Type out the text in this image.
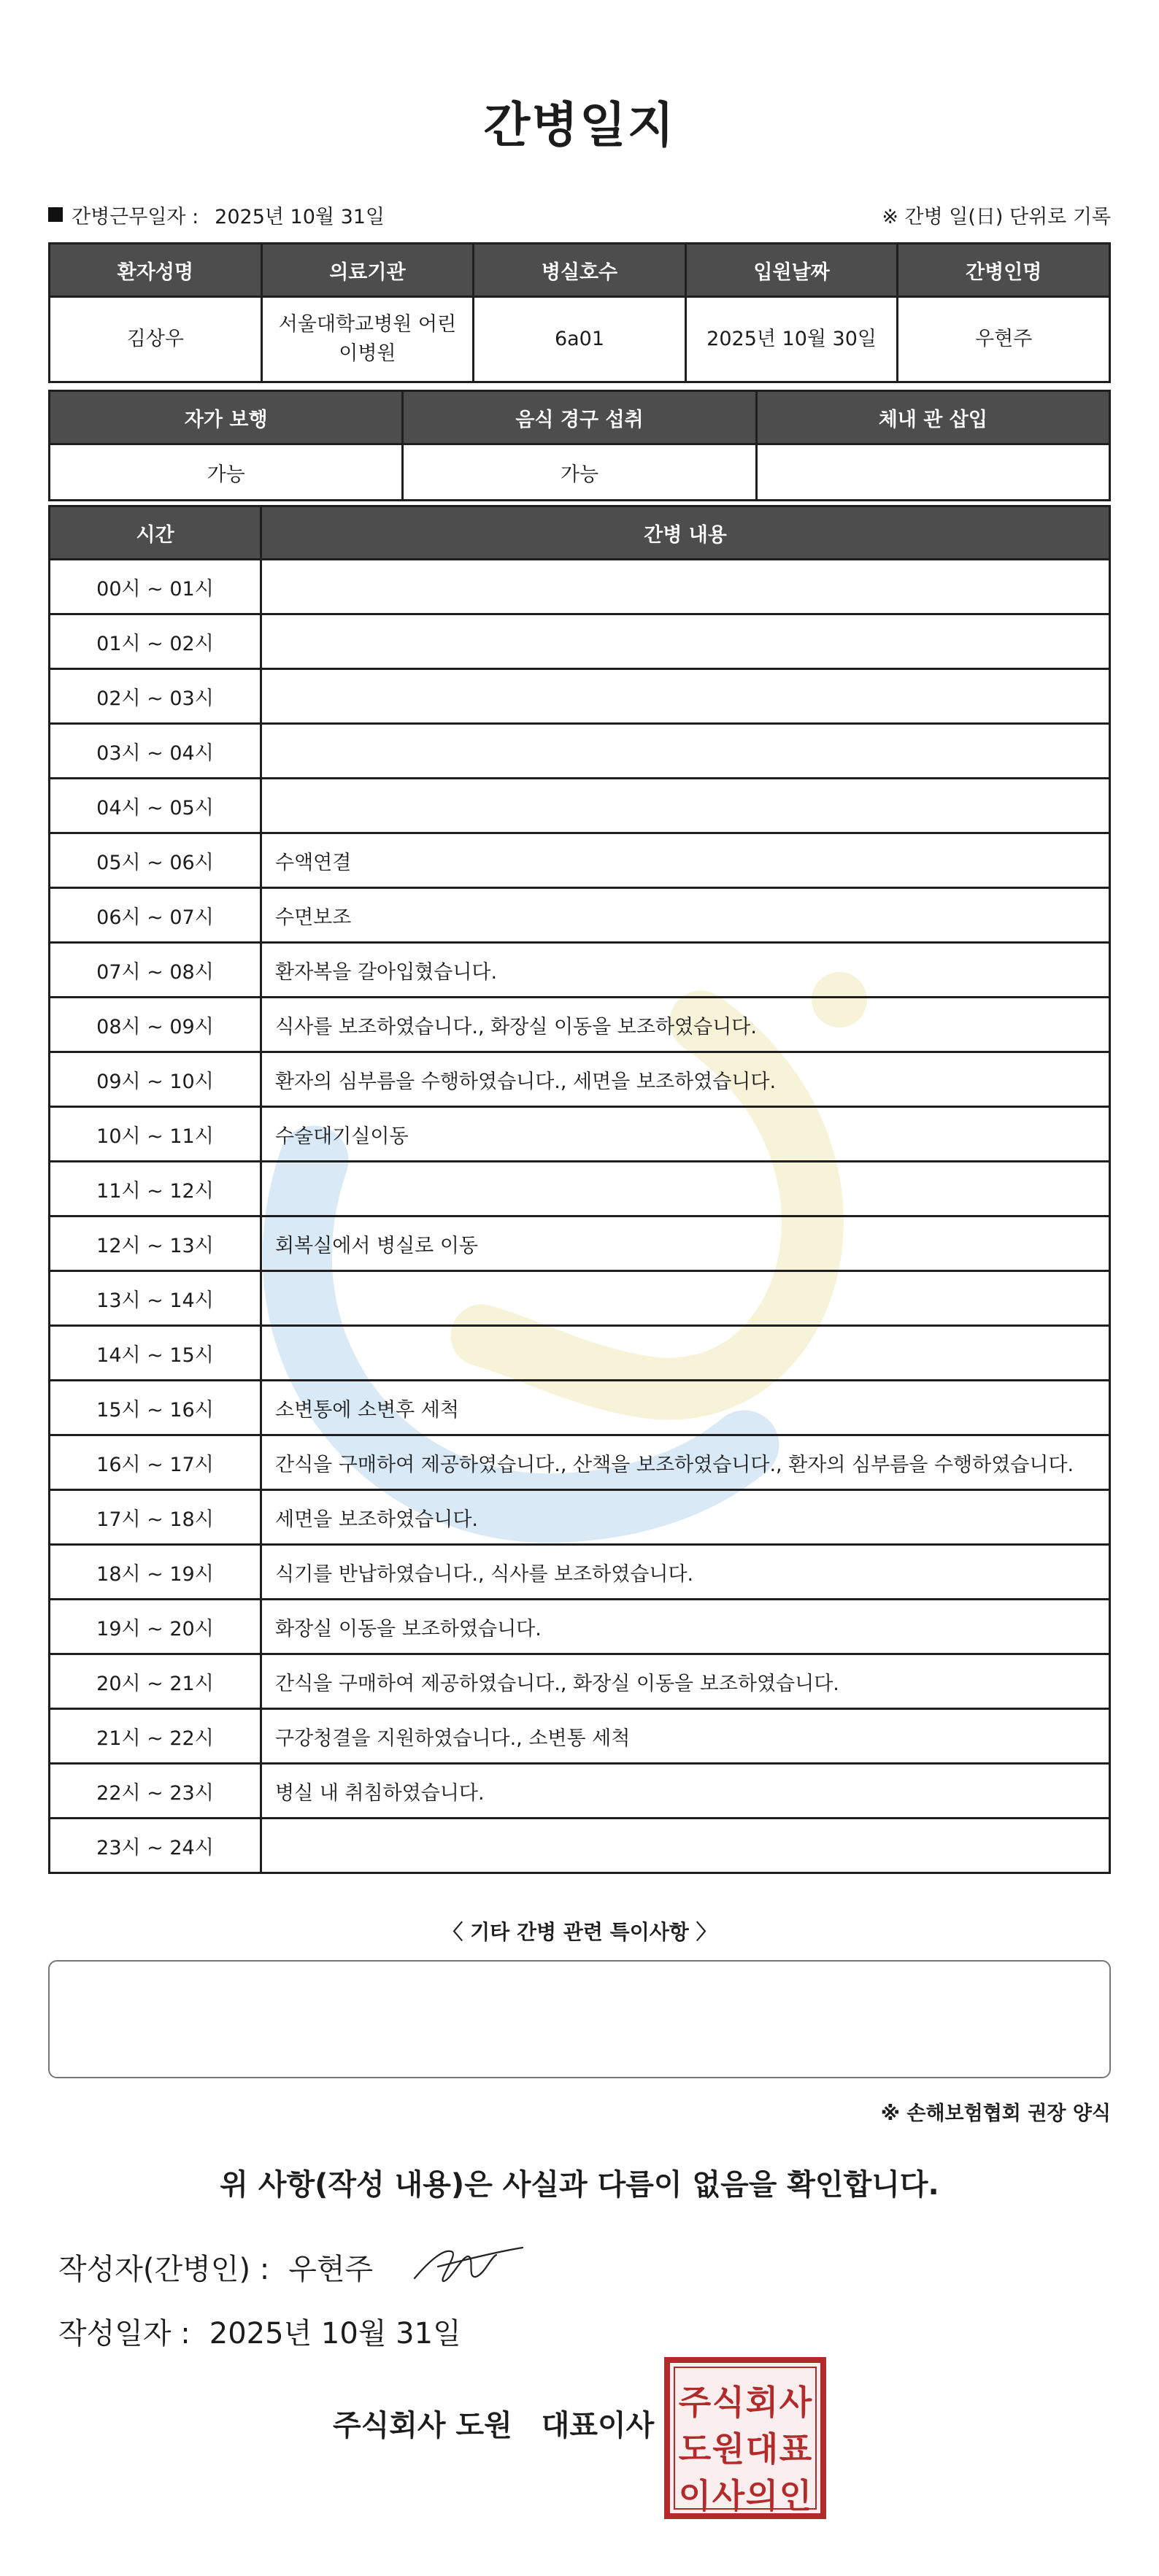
간병일지
간병근무일자 : 2025년 10월 31일	※ 간병 일(日) 단위로 기록
환자성명	의료기관	병실호수	입원날짜	간병인명
김상우	서울대학교병원 어린이병원	6a01	2025년 10월 30일	우현주
자가 보행	음식 경구 섭취	체내 관 삽입
가능	가능	
시간	간병 내용
00시 ~ 01시	
01시 ~ 02시	
02시 ~ 03시	
03시 ~ 04시	
04시 ~ 05시	
05시 ~ 06시	수액연결
06시 ~ 07시	수면보조
07시 ~ 08시	환자복을 갈아입혔습니다.
08시 ~ 09시	식사를 보조하였습니다., 화장실 이동을 보조하였습니다.
09시 ~ 10시	환자의 심부름을 수행하였습니다., 세면을 보조하였습니다.
10시 ~ 11시	수술대기실이동
11시 ~ 12시	
12시 ~ 13시	회복실에서 병실로 이동
13시 ~ 14시	
14시 ~ 15시	
15시 ~ 16시	소변통에 소변후 세척
16시 ~ 17시	간식을 구매하여 제공하였습니다., 산책을 보조하였습니다., 환자의 심부름을 수행하였습니다.
17시 ~ 18시	세면을 보조하였습니다.
18시 ~ 19시	식기를 반납하였습니다., 식사를 보조하였습니다.
19시 ~ 20시	화장실 이동을 보조하였습니다.
20시 ~ 21시	간식을 구매하여 제공하였습니다., 화장실 이동을 보조하였습니다.
21시 ~ 22시	구강청결을 지원하였습니다., 소변통 세척
22시 ~ 23시	병실 내 취침하였습니다.
23시 ~ 24시	
〈 기타 간병 관련 특이사항 〉
※ 손해보험협회 권장 양식
위 사항(작성 내용)은 사실과 다름이 없음을 확인합니다.
작성자(간병인) : 우현주
작성일자 : 2025년 10월 31일
주식회사 도원 대표이사
주 식 회 사
도 원 대 표
이 사 의 인
